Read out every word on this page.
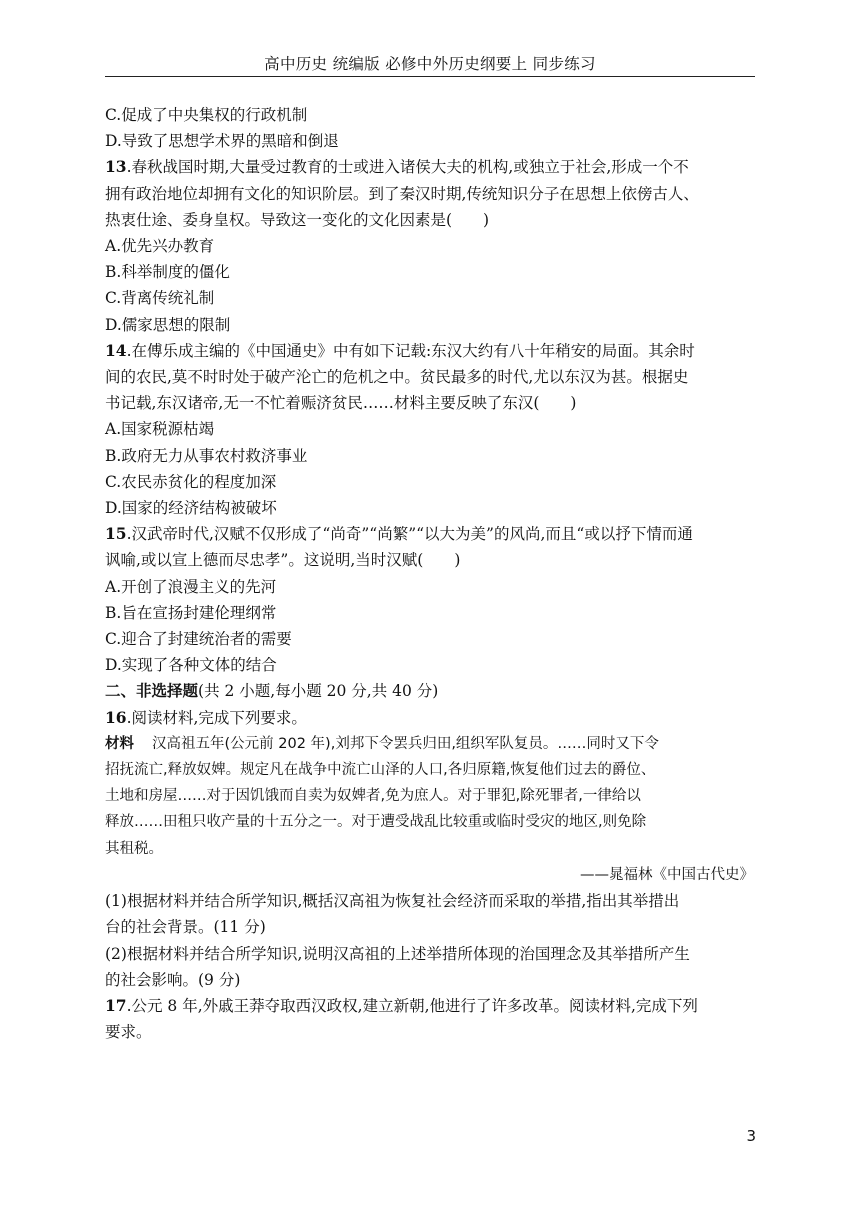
高中历史 统编版 必修中外历史纲要上 同步练习
C.促成了中央集权的行政机制
D.导致了思想学术界的黑暗和倒退
13.春秋战国时期,大量受过教育的士或进入诸侯大夫的机构,或独立于社会,形成一个不
拥有政治地位却拥有文化的知识阶层。到了秦汉时期,传统知识分子在思想上依傍古人、
热衷仕途、委身皇权。导致这一变化的文化因素是(　　)
A.优先兴办教育
B.科举制度的僵化
C.背离传统礼制
D.儒家思想的限制
14.在傅乐成主编的《中国通史》中有如下记载:东汉大约有八十年稍安的局面。其余时
间的农民,莫不时时处于破产沦亡的危机之中。贫民最多的时代,尤以东汉为甚。根据史
书记载,东汉诸帝,无一不忙着赈济贫民……材料主要反映了东汉(　　)
A.国家税源枯竭
B.政府无力从事农村救济事业
C.农民赤贫化的程度加深
D.国家的经济结构被破坏
15.汉武帝时代,汉赋不仅形成了“尚奇”“尚繁”“以大为美”的风尚,而且“或以抒下情而通
讽喻,或以宣上德而尽忠孝”。这说明,当时汉赋(　　)
A.开创了浪漫主义的先河
B.旨在宣扬封建伦理纲常
C.迎合了封建统治者的需要
D.实现了各种文体的结合
二、非选择题(共 2 小题,每小题 20 分,共 40 分)
16.阅读材料,完成下列要求。
材料 汉高祖五年(公元前 202 年),刘邦下令罢兵归田,组织军队复员。……同时又下令
招抚流亡,释放奴婢。规定凡在战争中流亡山泽的人口,各归原籍,恢复他们过去的爵位、
土地和房屋……对于因饥饿而自卖为奴婢者,免为庶人。对于罪犯,除死罪者,一律给以
释放……田租只收产量的十五分之一。对于遭受战乱比较重或临时受灾的地区,则免除
其租税。
——晁福林《中国古代史》
(1)根据材料并结合所学知识,概括汉高祖为恢复社会经济而采取的举措,指出其举措出
台的社会背景。(11 分)
(2)根据材料并结合所学知识,说明汉高祖的上述举措所体现的治国理念及其举措所产生
的社会影响。(9 分)
17.公元 8 年,外戚王莽夺取西汉政权,建立新朝,他进行了许多改革。阅读材料,完成下列
要求。
3
